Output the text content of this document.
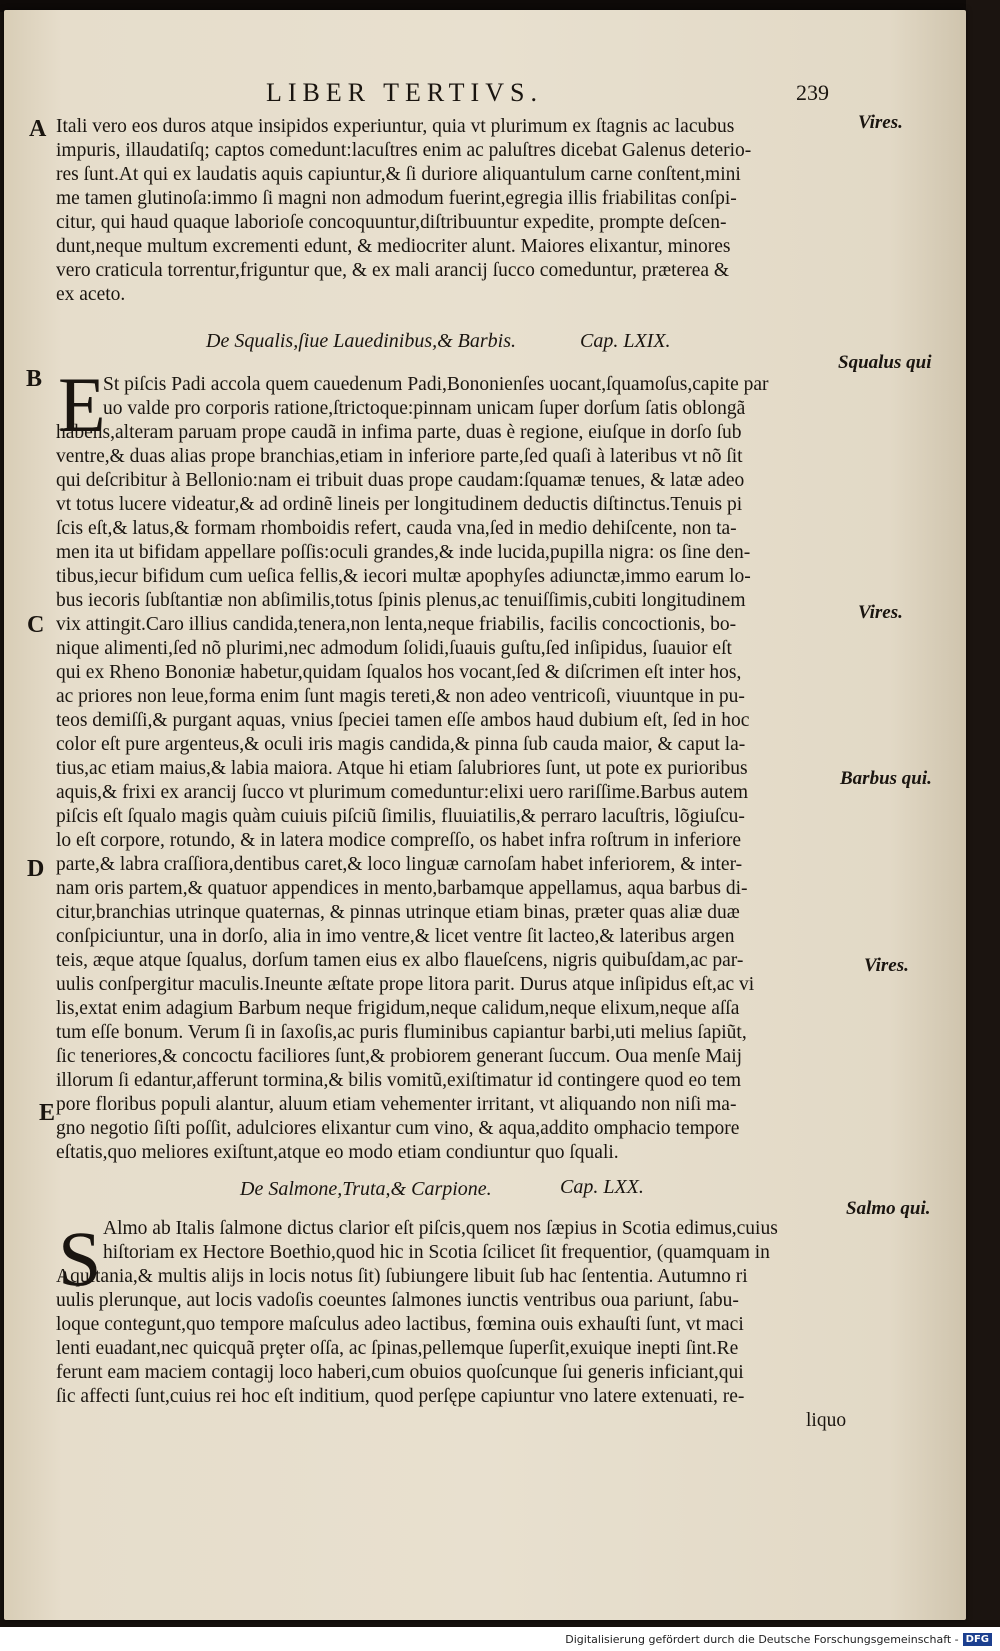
LIBER TERTIVS.	239
A
B
C
D
E
Vires.
Squalus qui
Vires.
Barbus qui.
Vires.
Salmo qui.
Itali vero eos duros atque insipidos experiuntur, quia vt plurimum ex ſtagnis ac lacubus
impuris, illaudatiſq; captos comedunt:lacuſtres enim ac paluſtres dicebat Galenus deterio-
res ſunt.At qui ex laudatis aquis capiuntur,& ſi duriore aliquantulum carne conſtent,mini
me tamen glutinoſa:immo ſi magni non admodum fuerint,egregia illis friabilitas conſpi-
citur, qui haud quaque laborioſe concoquuntur,diſtribuuntur expedite, prompte deſcen-
dunt,neque multum excrementi edunt, & mediocriter alunt. Maiores elixantur, minores
vero craticula torrentur,friguntur que, & ex mali arancij ſucco comeduntur, præterea &
ex aceto.
De Squalis,ſiue Lauedinibus,& Barbis.	Cap. LXIX.
E
St piſcis Padi accola quem cauedenum Padi,Bononienſes uocant,ſquamoſus,capite par
uo valde pro corporis ratione,ſtrictoque:pinnam unicam ſuper dorſum ſatis oblongã
habens,alteram paruam prope caudã in infima parte, duas è regione, eiuſque in dorſo ſub
ventre,& duas alias prope branchias,etiam in inferiore parte,ſed quaſi à lateribus vt nõ ſit
qui deſcribitur à Bellonio:nam ei tribuit duas prope caudam:ſquamæ tenues, & latæ adeo
vt totus lucere videatur,& ad ordinẽ lineis per longitudinem deductis diſtinctus.Tenuis pi
ſcis eſt,& latus,& formam rhomboidis refert, cauda vna,ſed in medio dehiſcente, non ta-
men ita ut bifidam appellare poſſis:oculi grandes,& inde lucida,pupilla nigra: os ſine den-
tibus,iecur bifidum cum ueſica fellis,& iecori multæ apophyſes adiunctæ,immo earum lo-
bus iecoris ſubſtantiæ non abſimilis,totus ſpinis plenus,ac tenuiſſimis,cubiti longitudinem
vix attingit.Caro illius candida,tenera,non lenta,neque friabilis, facilis concoctionis, bo-
nique alimenti,ſed nõ plurimi,nec admodum ſolidi,ſuauis guſtu,ſed inſipidus, ſuauior eſt
qui ex Rheno Bononiæ habetur,quidam ſqualos hos vocant,ſed & diſcrimen eſt inter hos,
ac priores non leue,forma enim ſunt magis tereti,& non adeo ventricoſi, viuuntque in pu-
teos demiſſi,& purgant aquas, vnius ſpeciei tamen eſſe ambos haud dubium eſt, ſed in hoc
color eſt pure argenteus,& oculi iris magis candida,& pinna ſub cauda maior, & caput la-
tius,ac etiam maius,& labia maiora. Atque hi etiam ſalubriores ſunt, ut pote ex purioribus
aquis,& frixi ex arancij ſucco vt plurimum comeduntur:elixi uero rariſſime.Barbus autem
piſcis eſt ſqualo magis quàm cuiuis piſciũ ſimilis, fluuiatilis,& perraro lacuſtris, lõgiuſcu-
lo eſt corpore, rotundo, & in latera modice compreſſo, os habet infra roſtrum in inferiore
parte,& labra craſſiora,dentibus caret,& loco linguæ carnoſam habet inferiorem, & inter-
nam oris partem,& quatuor appendices in mento,barbamque appellamus, aqua barbus di-
citur,branchias utrinque quaternas, & pinnas utrinque etiam binas, præter quas aliæ duæ
conſpiciuntur, una in dorſo, alia in imo ventre,& licet ventre ſit lacteo,& lateribus argen
teis, æque atque ſqualus, dorſum tamen eius ex albo flaueſcens, nigris quibuſdam,ac par-
uulis conſpergitur maculis.Ineunte æſtate prope litora parit. Durus atque inſipidus eſt,ac vi
lis,extat enim adagium Barbum neque frigidum,neque calidum,neque elixum,neque aſſa
tum eſſe bonum. Verum ſi in ſaxoſis,ac puris fluminibus capiantur barbi,uti melius ſapiũt,
ſic teneriores,& concoctu faciliores ſunt,& probiorem generant ſuccum. Oua menſe Maij
illorum ſi edantur,afferunt tormina,& bilis vomitũ,exiſtimatur id contingere quod eo tem
pore floribus populi alantur, aluum etiam vehementer irritant, vt aliquando non niſi ma-
gno negotio ſiſti poſſit, adulciores elixantur cum vino, & aqua,addito omphacio tempore
eſtatis,quo meliores exiſtunt,atque eo modo etiam condiuntur quo ſquali.
De Salmone,Truta,& Carpione.	Cap. LXX.
S Almo ab Italis ſalmone dictus clarior eſt piſcis,quem nos ſæpius in Scotia edimus,cuius
hiſtoriam ex Hectore Boethio,quod hic in Scotia ſcilicet ſit frequentior, (quamquam in
Aquitania,& multis alijs in locis notus ſit) ſubiungere libuit ſub hac ſententia. Autumno ri
uulis plerunque, aut locis vadoſis coeuntes ſalmones iunctis ventribus oua pariunt, ſabu-
loque contegunt,quo tempore maſculus adeo lactibus, fœmina ouis exhauſti ſunt, vt maci
lenti euadant,nec quicquã prȩter oſſa, ac ſpinas,pellemque ſuperſit,exuique inepti ſint.Re
ferunt eam maciem contagij loco haberi,cum obuios quoſcunque ſui generis inficiant,qui
ſic affecti ſunt,cuius rei hoc eſt inditium, quod perſępe capiuntur vno latere extenuati, re-
liquo
Digitalisierung gefördert durch die Deutsche Forschungsgemeinschaft - DFG
